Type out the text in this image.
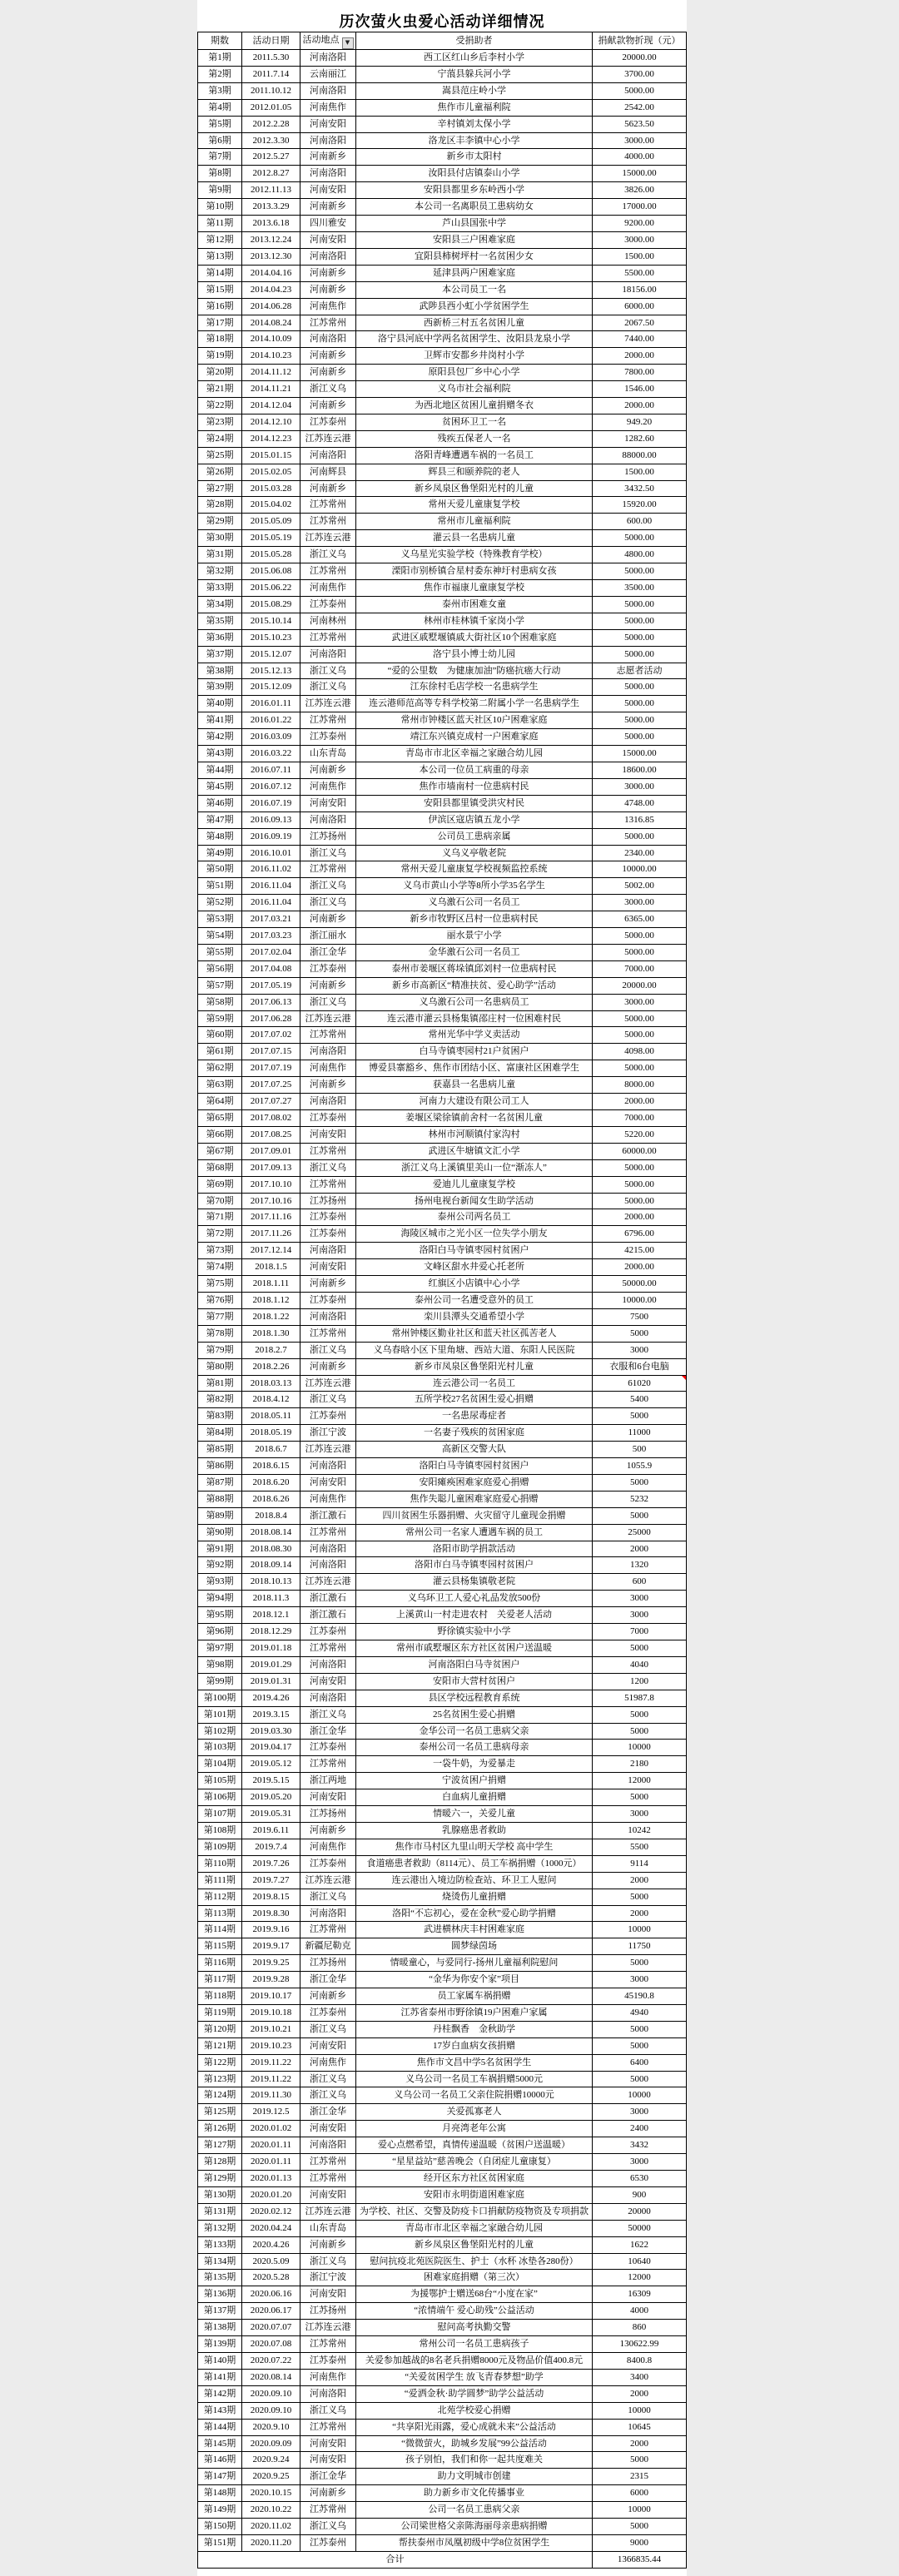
历次萤火虫爱心活动详细情况
期数	活动日期	活动地点 ▼	受捐助者	捐献款物折现（元）
第1期	2011.5.30	河南洛阳	西工区红山乡后李村小学	20000.00
第2期	2011.7.14	云南丽江	宁蒗县躲兵河小学	3700.00
第3期	2011.10.12	河南洛阳	嵩县范庄岭小学	5000.00
第4期	2012.01.05	河南焦作	焦作市儿童福利院	2542.00
第5期	2012.2.28	河南安阳	辛村镇刘太保小学	5623.50
第6期	2012.3.30	河南洛阳	洛龙区丰李镇中心小学	3000.00
第7期	2012.5.27	河南新乡	新乡市太阳村	4000.00
第8期	2012.8.27	河南洛阳	汝阳县付店镇泰山小学	15000.00
第9期	2012.11.13	河南安阳	安阳县都里乡东岭西小学	3826.00
第10期	2013.3.29	河南新乡	本公司一名离职员工患病幼女	17000.00
第11期	2013.6.18	四川雅安	芦山县国张中学	9200.00
第12期	2013.12.24	河南安阳	安阳县三户困难家庭	3000.00
第13期	2013.12.30	河南洛阳	宜阳县柿树坪村一名贫困少女	1500.00
第14期	2014.04.16	河南新乡	延津县两户困难家庭	5500.00
第15期	2014.04.23	河南新乡	本公司员工一名	18156.00
第16期	2014.06.28	河南焦作	武陟县西小虹小学贫困学生	6000.00
第17期	2014.08.24	江苏常州	西新桥三村五名贫困儿童	2067.50
第18期	2014.10.09	河南洛阳	洛宁县河底中学两名贫困学生、汝阳县龙泉小学	7440.00
第19期	2014.10.23	河南新乡	卫辉市安都乡井岗村小学	2000.00
第20期	2014.11.12	河南新乡	原阳县包厂乡中心小学	7800.00
第21期	2014.11.21	浙江义乌	义乌市社会福利院	1546.00
第22期	2014.12.04	河南新乡	为西北地区贫困儿童捐赠冬衣	2000.00
第23期	2014.12.10	江苏泰州	贫困环卫工一名	949.20
第24期	2014.12.23	江苏连云港	残疾五保老人一名	1282.60
第25期	2015.01.15	河南洛阳	洛阳青峰遭遇车祸的一名员工	88000.00
第26期	2015.02.05	河南辉县	辉县三和颐养院的老人	1500.00
第27期	2015.03.28	河南新乡	新乡凤泉区鲁堡阳光村的儿童	3432.50
第28期	2015.04.02	江苏常州	常州天爱儿童康复学校	15920.00
第29期	2015.05.09	江苏常州	常州市儿童福利院	600.00
第30期	2015.05.19	江苏连云港	灌云县一名患病儿童	5000.00
第31期	2015.05.28	浙江义乌	义乌星光实验学校（特殊教育学校）	4800.00
第32期	2015.06.08	江苏常州	溧阳市别桥镇合星村委东神圩村患病女孩	5000.00
第33期	2015.06.22	河南焦作	焦作市福康儿童康复学校	3500.00
第34期	2015.08.29	江苏泰州	泰州市困难女童	5000.00
第35期	2015.10.14	河南林州	林州市桂林镇千家岗小学	5000.00
第36期	2015.10.23	江苏常州	武进区戚墅堰镇戚大街社区10个困难家庭	5000.00
第37期	2015.12.07	河南洛阳	洛宁县小博士幼儿园	5000.00
第38期	2015.12.13	浙江义乌	“爱的公里数　为健康加油”防癌抗癌大行动	志愿者活动
第39期	2015.12.09	浙江义乌	江东徐村毛店学校一名患病学生	5000.00
第40期	2016.01.11	江苏连云港	连云港师范高等专科学校第二附属小学一名患病学生	5000.00
第41期	2016.01.22	江苏常州	常州市钟楼区蓝天社区10户困难家庭	5000.00
第42期	2016.03.09	江苏泰州	靖江东兴镇克成村一户困难家庭	5000.00
第43期	2016.03.22	山东青岛	青岛市市北区幸福之家融合幼儿园	15000.00
第44期	2016.07.11	河南新乡	本公司一位员工病重的母亲	18600.00
第45期	2016.07.12	河南焦作	焦作市墙南村一位患病村民	3000.00
第46期	2016.07.19	河南安阳	安阳县都里镇受洪灾村民	4748.00
第47期	2016.09.13	河南洛阳	伊滨区寇店镇五龙小学	1316.85
第48期	2016.09.19	江苏扬州	公司员工患病亲属	5000.00
第49期	2016.10.01	浙江义乌	义乌义亭敬老院	2340.00
第50期	2016.11.02	江苏常州	常州天爱儿童康复学校视频监控系统	10000.00
第51期	2016.11.04	浙江义乌	义乌市黄山小学等8所小学35名学生	5002.00
第52期	2016.11.04	浙江义乌	义乌激石公司一名员工	3000.00
第53期	2017.03.21	河南新乡	新乡市牧野区吕村一位患病村民	6365.00
第54期	2017.03.23	浙江丽水	丽水景宁小学	5000.00
第55期	2017.02.04	浙江金华	金华激石公司一名员工	5000.00
第56期	2017.04.08	江苏泰州	泰州市姜堰区蒋垛镇邱刘村一位患病村民	7000.00
第57期	2017.05.19	河南新乡	新乡市高新区“精准扶贫、爱心助学”活动	20000.00
第58期	2017.06.13	浙江义乌	义乌激石公司一名患病员工	3000.00
第59期	2017.06.28	江苏连云港	连云港市灌云县杨集镇邵庄村一位困难村民	5000.00
第60期	2017.07.02	江苏常州	常州光华中学义卖活动	5000.00
第61期	2017.07.15	河南洛阳	白马寺镇枣园村21户贫困户	4098.00
第62期	2017.07.19	河南焦作	博爱县寨豁乡、焦作市团结小区、富康社区困难学生	5000.00
第63期	2017.07.25	河南新乡	获嘉县一名患病儿童	8000.00
第64期	2017.07.27	河南洛阳	河南力大建设有限公司工人	2000.00
第65期	2017.08.02	江苏泰州	姜堰区梁徐镇前舍村一名贫困儿童	7000.00
第66期	2017.08.25	河南安阳	林州市河顺镇付家沟村	5220.00
第67期	2017.09.01	江苏常州	武进区牛塘镇文汇小学	60000.00
第68期	2017.09.13	浙江义乌	浙江义乌上溪镇里美山一位“渐冻人”	5000.00
第69期	2017.10.10	江苏常州	爱迪儿儿童康复学校	5000.00
第70期	2017.10.16	江苏扬州	扬州电视台新闻女生助学活动	5000.00
第71期	2017.11.16	江苏泰州	泰州公司两名员工	2000.00
第72期	2017.11.26	江苏泰州	海陵区城市之光小区一位失学小朋友	6796.00
第73期	2017.12.14	河南洛阳	洛阳白马寺镇枣园村贫困户	4215.00
第74期	2018.1.5	河南安阳	文峰区甜水井爱心托老所	2000.00
第75期	2018.1.11	河南新乡	红旗区小店镇中心小学	50000.00
第76期	2018.1.12	江苏泰州	泰州公司一名遭受意外的员工	10000.00
第77期	2018.1.22	河南洛阳	栾川县潭头交通希望小学	7500
第78期	2018.1.30	江苏常州	常州钟楼区勤业社区和蓝天社区孤苦老人	5000
第79期	2018.2.7	浙江义乌	义乌春晗小区下里角塘、西站大道、东阳人民医院	3000
第80期	2018.2.26	河南新乡	新乡市凤泉区鲁堡阳光村儿童	衣服和6台电脑
第81期	2018.03.13	江苏连云港	连云港公司一名员工	61020
第82期	2018.4.12	浙江义乌	五所学校27名贫困生爱心捐赠	5400
第83期	2018.05.11	江苏泰州	一名患尿毒症者	5000
第84期	2018.05.19	浙江宁波	一名妻子残疾的贫困家庭	11000
第85期	2018.6.7	江苏连云港	高新区交警大队	500
第86期	2018.6.15	河南洛阳	洛阳白马寺镇枣园村贫困户	1055.9
第87期	2018.6.20	河南安阳	安阳瘫痪困难家庭爱心捐赠	5000
第88期	2018.6.26	河南焦作	焦作失聪儿童困难家庭爱心捐赠	5232
第89期	2018.8.4	浙江激石	四川贫困生乐器捐赠、火灾留守儿童现金捐赠	5000
第90期	2018.08.14	江苏常州	常州公司一名家人遭遇车祸的员工	25000
第91期	2018.08.30	河南洛阳	洛阳市助学捐款活动	2000
第92期	2018.09.14	河南洛阳	洛阳市白马寺镇枣园村贫困户	1320
第93期	2018.10.13	江苏连云港	灌云县杨集镇敬老院	600
第94期	2018.11.3	浙江激石	义乌环卫工人爱心礼品发放500份	3000
第95期	2018.12.1	浙江激石	上溪黄山一村走进农村　关爱老人活动	3000
第96期	2018.12.29	江苏泰州	野徐镇实验中小学	7000
第97期	2019.01.18	江苏常州	常州市戚墅堰区东方社区贫困户送温暖	5000
第98期	2019.01.29	河南洛阳	河南洛阳白马寺贫困户	4040
第99期	2019.01.31	河南安阳	安阳市大营村贫困户	1200
第100期	2019.4.26	河南洛阳	县区学校远程教育系统	51987.8
第101期	2019.3.15	浙江义乌	25名贫困生爱心捐赠	5000
第102期	2019.03.30	浙江金华	金华公司一名员工患病父亲	5000
第103期	2019.04.17	江苏泰州	泰州公司一名员工患病母亲	10000
第104期	2019.05.12	江苏常州	一袋牛奶，为爱暴走	2180
第105期	2019.5.15	浙江两地	宁波贫困户捐赠	12000
第106期	2019.05.20	河南安阳	白血病儿童捐赠	5000
第107期	2019.05.31	江苏扬州	情暖六一，关爱儿童	3000
第108期	2019.6.11	河南新乡	乳腺癌患者救助	10242
第109期	2019.7.4	河南焦作	焦作市马村区九里山明天学校 高中学生	5500
第110期	2019.7.26	江苏泰州	食道癌患者救助（8114元）、员工车祸捐赠（1000元）	9114
第111期	2019.7.27	江苏连云港	连云港出入境边防检查站、环卫工人慰问	2000
第112期	2019.8.15	浙江义乌	烧烫伤儿童捐赠	5000
第113期	2019.8.30	河南洛阳	洛阳“不忘初心，爱在金秋”爱心助学捐赠	2000
第114期	2019.9.16	江苏常州	武进横林庆丰村困难家庭	10000
第115期	2019.9.17	新疆尼勒克	圆梦绿茵场	11750
第116期	2019.9.25	江苏扬州	情暖童心，与爱同行-扬州儿童福利院慰问	5000
第117期	2019.9.28	浙江金华	“金华为你安个家”项目	3000
第118期	2019.10.17	河南新乡	员工家属车祸捐赠	45190.8
第119期	2019.10.18	江苏泰州	江苏省泰州市野徐镇19户困难户家属	4940
第120期	2019.10.21	浙江义乌	丹桂飘香　金秋助学	5000
第121期	2019.10.23	河南安阳	17岁白血病女孩捐赠	5000
第122期	2019.11.22	河南焦作	焦作市文昌中学5名贫困学生	6400
第123期	2019.11.22	浙江义乌	义乌公司一名员工车祸捐赠5000元	5000
第124期	2019.11.30	浙江义乌	义乌公司一名员工父亲住院捐赠10000元	10000
第125期	2019.12.5	浙江金华	关爱孤寡老人	3000
第126期	2020.01.02	河南安阳	月亮湾老年公寓	2400
第127期	2020.01.11	河南洛阳	爱心点燃希望，真情传递温暖（贫困户送温暖）	3432
第128期	2020.01.11	江苏常州	“星星益站”慈善晚会（自闭症儿童康复）	3000
第129期	2020.01.13	江苏常州	经开区东方社区贫困家庭	6530
第130期	2020.01.20	河南安阳	安阳市永明街道困难家庭	900
第131期	2020.02.12	江苏连云港	为学校、社区、交警及防疫卡口捐献防疫物资及专项捐款	20000
第132期	2020.04.24	山东青岛	青岛市市北区幸福之家融合幼儿园	50000
第133期	2020.4.26	河南新乡	新乡凤泉区鲁堡阳光村的儿童	1622
第134期	2020.5.09	浙江义乌	慰问抗疫北苑医院医生、护士（水杯 冰垫各280份）	10640
第135期	2020.5.28	浙江宁波	困难家庭捐赠（第三次）	12000
第136期	2020.06.16	河南安阳	为援鄂护士赠送68台“小度在家”	16309
第137期	2020.06.17	江苏扬州	“浓情端午 爱心助残”公益活动	4000
第138期	2020.07.07	江苏连云港	慰问高考执勤交警	860
第139期	2020.07.08	江苏常州	常州公司一名员工患病孩子	130622.99
第140期	2020.07.22	江苏泰州	关爱参加越战的8名老兵捐赠8000元及物品价值400.8元	8400.8
第141期	2020.08.14	河南焦作	“关爱贫困学生 放飞青春梦想”助学	3400
第142期	2020.09.10	河南洛阳	“爱洒金秋·助学圆梦”助学公益活动	2000
第143期	2020.09.10	浙江义乌	北苑学校爱心捐赠	10000
第144期	2020.9.10	江苏常州	“共享阳光雨露，爱心成就未来”公益活动	10645
第145期	2020.09.09	河南安阳	“微微萤火，助城乡发展”99公益活动	2000
第146期	2020.9.24	河南安阳	孩子别怕，我们和你一起共度难关	5000
第147期	2020.9.25	浙江金华	助力文明城市创建	2315
第148期	2020.10.15	河南新乡	助力新乡市文化传播事业	6000
第149期	2020.10.22	江苏常州	公司一名员工患病父亲	10000
第150期	2020.11.02	浙江义乌	公司梁世格父亲陈海丽母亲患病捐赠	5000
第151期	2020.11.20	江苏泰州	帮扶泰州市凤凰初级中学8位贫困学生	9000
合计				1366835.44
